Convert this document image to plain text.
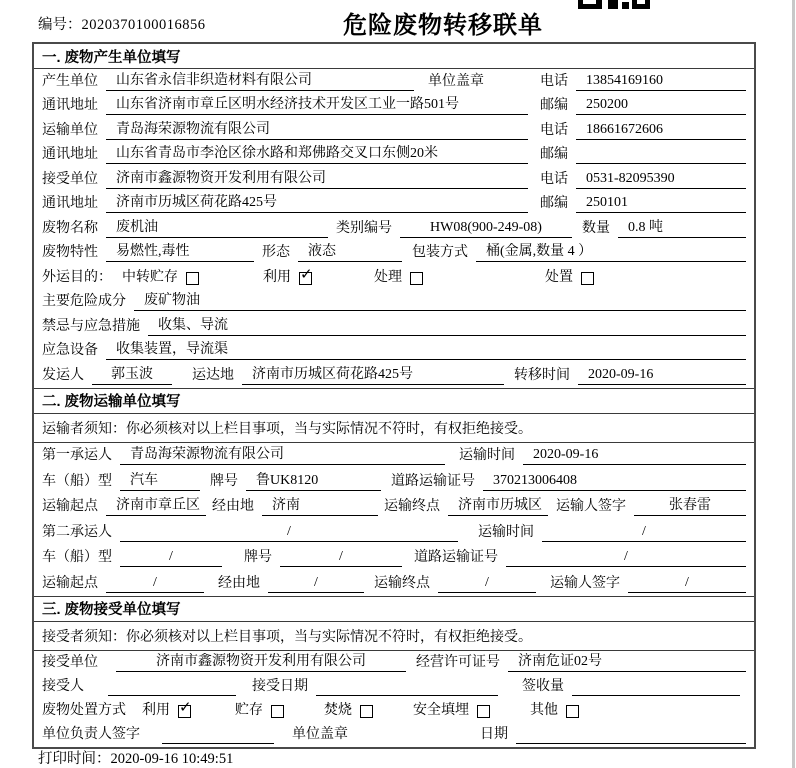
编号：2020370100016856	危险废物转移联单
一. 废物产生单位填写
产生单位	山东省永信非织造材料有限公司	单位盖章	电话	13854169160
通讯地址	山东省济南市章丘区明水经济技术开发区工业一路501号	邮编	250200
运输单位	青岛海荣源物流有限公司	电话	18661672606
通讯地址	山东省青岛市李沧区徐水路和郑佛路交叉口东侧20米	邮编
接受单位	济南市鑫源物资开发利用有限公司	电话	0531-82095390
通讯地址	济南市历城区荷花路425号	邮编	250101
废物名称	废机油	类别编号	HW08(900-249-08)	数量	0.8 吨
废物特性	易燃性,毒性	形态	液态	包装方式	桶(金属,数量 4 ）
外运目的： 中转贮存	利用 ✓	处理	处置
主要危险成分	废矿物油
禁忌与应急措施	收集、导流
应急设备	收集装置，导流渠
发运人	郭玉波	运达地	济南市历城区荷花路425号	转移时间	2020-09-16
二. 废物运输单位填写
运输者须知：你必须核对以上栏目事项，当与实际情况不符时，有权拒绝接受。
第一承运人	青岛海荣源物流有限公司	运输时间	2020-09-16
车（船）型	汽车	牌号	鲁UK8120	道路运输证号	370213006408
运输起点	济南市章丘区 经由地	济南	运输终点	济南市历城区	运输人签字	张春雷
第二承运人	/	运输时间	/
车（船）型	/	牌号	/	道路运输证号	/
运输起点	/	经由地	/	运输终点	/	运输人签字	/
三. 废物接受单位填写
接受者须知：你必须核对以上栏目事项，当与实际情况不符时，有权拒绝接受。
接受单位	济南市鑫源物资开发利用有限公司	经营许可证号	济南危证02号
接受人	接受日期	签收量
废物处置方式 利用 ✓	贮存	焚烧	安全填埋	其他
单位负责人签字	单位盖章	日期
打印时间：2020-09-16 10:49:51
